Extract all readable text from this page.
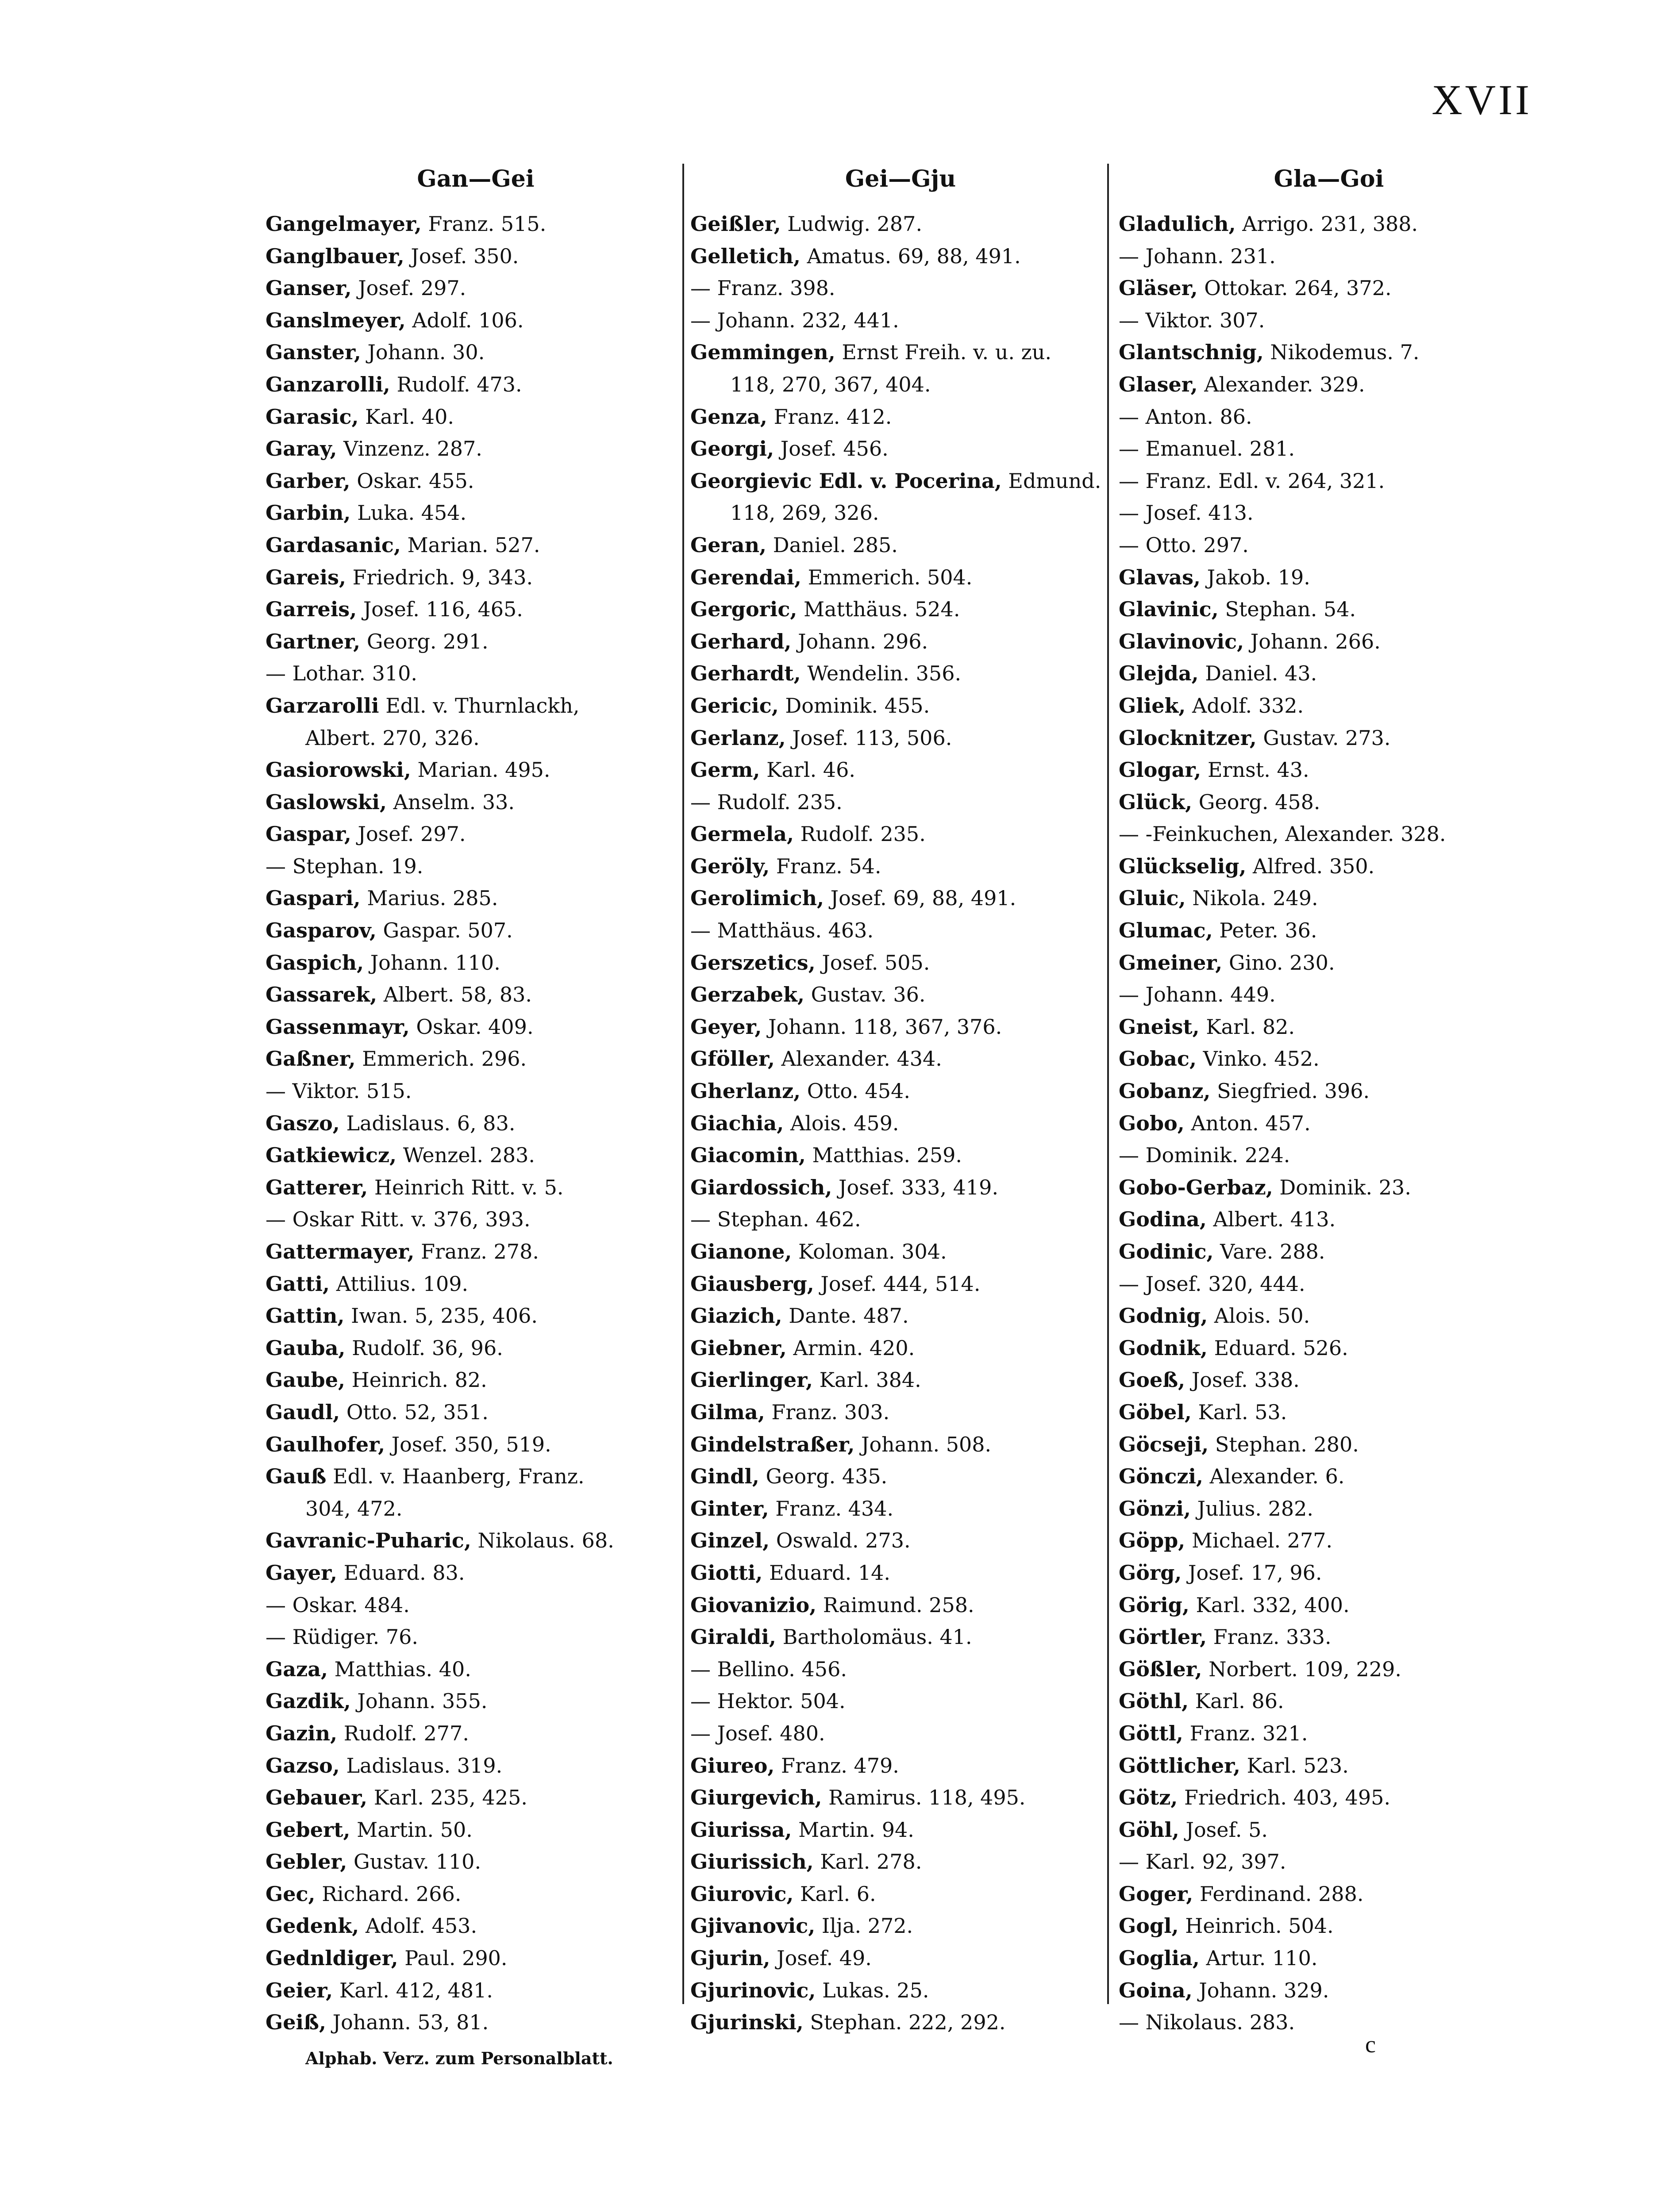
XVII
Gan—Gei
Gangelmayer, Franz. 515.
Ganglbauer, Josef. 350.
Ganser, Josef. 297.
Ganslmeyer, Adolf. 106.
Ganster, Johann. 30.
Ganzarolli, Rudolf. 473.
Garasic, Karl. 40.
Garay, Vinzenz. 287.
Garber, Oskar. 455.
Garbin, Luka. 454.
Gardasanic, Marian. 527.
Gareis, Friedrich. 9, 343.
Garreis, Josef. 116, 465.
Gartner, Georg. 291.
— Lothar. 310.
Garzarolli Edl. v. Thurnlackh,
Albert. 270, 326.
Gasiorowski, Marian. 495.
Gaslowski, Anselm. 33.
Gaspar, Josef. 297.
— Stephan. 19.
Gaspari, Marius. 285.
Gasparov, Gaspar. 507.
Gaspich, Johann. 110.
Gassarek, Albert. 58, 83.
Gassenmayr, Oskar. 409.
Gaßner, Emmerich. 296.
— Viktor. 515.
Gaszo, Ladislaus. 6, 83.
Gatkiewicz, Wenzel. 283.
Gatterer, Heinrich Ritt. v. 5.
— Oskar Ritt. v. 376, 393.
Gattermayer, Franz. 278.
Gatti, Attilius. 109.
Gattin, Iwan. 5, 235, 406.
Gauba, Rudolf. 36, 96.
Gaube, Heinrich. 82.
Gaudl, Otto. 52, 351.
Gaulhofer, Josef. 350, 519.
Gauß Edl. v. Haanberg, Franz.
304, 472.
Gavranic-Puharic, Nikolaus. 68.
Gayer, Eduard. 83.
— Oskar. 484.
— Rüdiger. 76.
Gaza, Matthias. 40.
Gazdik, Johann. 355.
Gazin, Rudolf. 277.
Gazso, Ladislaus. 319.
Gebauer, Karl. 235, 425.
Gebert, Martin. 50.
Gebler, Gustav. 110.
Gec, Richard. 266.
Gedenk, Adolf. 453.
Gednldiger, Paul. 290.
Geier, Karl. 412, 481.
Geiß, Johann. 53, 81.
Gei—Gju
Geißler, Ludwig. 287.
Gelletich, Amatus. 69, 88, 491.
— Franz. 398.
— Johann. 232, 441.
Gemmingen, Ernst Freih. v. u. zu.
118, 270, 367, 404.
Genza, Franz. 412.
Georgi, Josef. 456.
Georgievic Edl. v. Pocerina, Edmund.
118, 269, 326.
Geran, Daniel. 285.
Gerendai, Emmerich. 504.
Gergoric, Matthäus. 524.
Gerhard, Johann. 296.
Gerhardt, Wendelin. 356.
Gericic, Dominik. 455.
Gerlanz, Josef. 113, 506.
Germ, Karl. 46.
— Rudolf. 235.
Germela, Rudolf. 235.
Geröly, Franz. 54.
Gerolimich, Josef. 69, 88, 491.
— Matthäus. 463.
Gerszetics, Josef. 505.
Gerzabek, Gustav. 36.
Geyer, Johann. 118, 367, 376.
Gföller, Alexander. 434.
Gherlanz, Otto. 454.
Giachia, Alois. 459.
Giacomin, Matthias. 259.
Giardossich, Josef. 333, 419.
— Stephan. 462.
Gianone, Koloman. 304.
Giausberg, Josef. 444, 514.
Giazich, Dante. 487.
Giebner, Armin. 420.
Gierlinger, Karl. 384.
Gilma, Franz. 303.
Gindelstraßer, Johann. 508.
Gindl, Georg. 435.
Ginter, Franz. 434.
Ginzel, Oswald. 273.
Giotti, Eduard. 14.
Giovanizio, Raimund. 258.
Giraldi, Bartholomäus. 41.
— Bellino. 456.
— Hektor. 504.
— Josef. 480.
Giureo, Franz. 479.
Giurgevich, Ramirus. 118, 495.
Giurissa, Martin. 94.
Giurissich, Karl. 278.
Giurovic, Karl. 6.
Gjivanovic, Ilja. 272.
Gjurin, Josef. 49.
Gjurinovic, Lukas. 25.
Gjurinski, Stephan. 222, 292.
Gla—Goi
Gladulich, Arrigo. 231, 388.
— Johann. 231.
Gläser, Ottokar. 264, 372.
— Viktor. 307.
Glantschnig, Nikodemus. 7.
Glaser, Alexander. 329.
— Anton. 86.
— Emanuel. 281.
— Franz. Edl. v. 264, 321.
— Josef. 413.
— Otto. 297.
Glavas, Jakob. 19.
Glavinic, Stephan. 54.
Glavinovic, Johann. 266.
Glejda, Daniel. 43.
Gliek, Adolf. 332.
Glocknitzer, Gustav. 273.
Glogar, Ernst. 43.
Glück, Georg. 458.
— -Feinkuchen, Alexander. 328.
Glückselig, Alfred. 350.
Gluic, Nikola. 249.
Glumac, Peter. 36.
Gmeiner, Gino. 230.
— Johann. 449.
Gneist, Karl. 82.
Gobac, Vinko. 452.
Gobanz, Siegfried. 396.
Gobo, Anton. 457.
— Dominik. 224.
Gobo-Gerbaz, Dominik. 23.
Godina, Albert. 413.
Godinic, Vare. 288.
— Josef. 320, 444.
Godnig, Alois. 50.
Godnik, Eduard. 526.
Goeß, Josef. 338.
Göbel, Karl. 53.
Göcseji, Stephan. 280.
Gönczi, Alexander. 6.
Gönzi, Julius. 282.
Göpp, Michael. 277.
Görg, Josef. 17, 96.
Görig, Karl. 332, 400.
Görtler, Franz. 333.
Gößler, Norbert. 109, 229.
Göthl, Karl. 86.
Göttl, Franz. 321.
Göttlicher, Karl. 523.
Götz, Friedrich. 403, 495.
Göhl, Josef. 5.
— Karl. 92, 397.
Goger, Ferdinand. 288.
Gogl, Heinrich. 504.
Goglia, Artur. 110.
Goina, Johann. 329.
— Nikolaus. 283.
Alphab. Verz. zum Personalblatt.
c
